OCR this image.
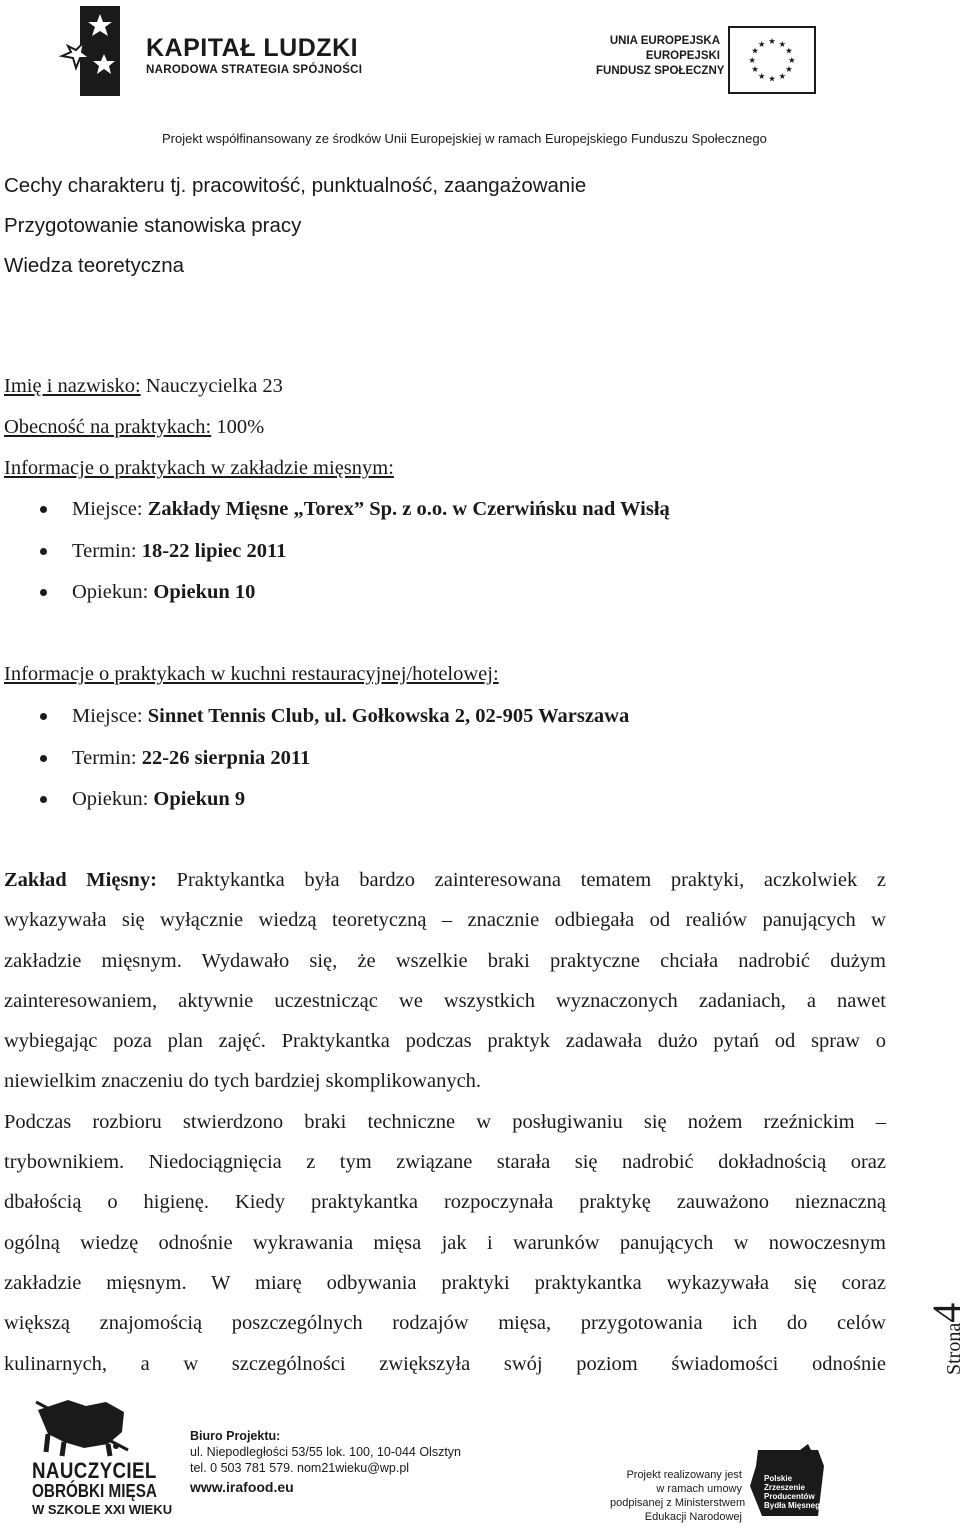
KAPITAŁ LUDZKI
NARODOWA STRATEGIA SPÓJNOŚCI
UNIA EUROPEJSKA
EUROPEJSKI
FUNDUSZ SPOŁECZNY
★ ★
★
★
★
★
★
★
★
★
★
★
Projekt współfinansowany ze środków Unii Europejskiej w ramach Europejskiego Funduszu Społecznego
Cechy charakteru tj. pracowitość, punktualność, zaangażowanie
Przygotowanie stanowiska pracy
Wiedza teoretyczna
Imię i nazwisko: Nauczycielka 23
Obecność na praktykach: 100%
Informacje o praktykach w zakładzie mięsnym:
Miejsce: Zakłady Mięsne „Torex” Sp. z o.o. w Czerwińsku nad Wisłą
Termin: 18-22 lipiec 2011
Opiekun: Opiekun 10
Informacje o praktykach w kuchni restauracyjnej/hotelowej:
Miejsce: Sinnet Tennis Club, ul. Gołkowska 2, 02-905 Warszawa
Termin: 22-26 sierpnia 2011
Opiekun: Opiekun 9
Zakład Mięsny: Praktykantka była bardzo zainteresowana tematem praktyki, aczkolwiek z
wykazywała się wyłącznie wiedzą teoretyczną – znacznie odbiegała od realiów panujących w
zakładzie mięsnym. Wydawało się, że wszelkie braki praktyczne chciała nadrobić dużym
zainteresowaniem, aktywnie uczestnicząc we wszystkich wyznaczonych zadaniach, a nawet
wybiegając poza plan zajęć. Praktykantka podczas praktyk zadawała dużo pytań od spraw o
niewielkim znaczeniu do tych bardziej skomplikowanych.
Podczas rozbioru stwierdzono braki techniczne w posługiwaniu się nożem rzeźnickim –
trybownikiem. Niedociągnięcia z tym związane starała się nadrobić dokładnością oraz
dbałością o higienę. Kiedy praktykantka rozpoczynała praktykę zauważono nieznaczną
ogólną wiedzę odnośnie wykrawania mięsa jak i warunków panujących w nowoczesnym
zakładzie mięsnym. W miarę odbywania praktyki praktykantka wykazywała się coraz
większą znajomością poszczególnych rodzajów mięsa, przygotowania ich do celów
kulinarnych, a w szczególności zwiększyła swój poziom świadomości odnośnie	Strona4
NAUCZYCIEL
OBRÓBKI MIĘSA
W SZKOLE XXI WIEKU
Biuro Projektu:
ul. Niepodległości 53/55 lok. 100, 10-044 Olsztyn
tel. 0 503 781 579. nom21wieku@wp.pl
www.irafood.eu
Projekt realizowany jest
w ramach umowy
podpisanej z Ministerstwem
Edukacji Narodowej
Polskie
Zrzeszenie
Producentów
Bydła Mięsnego
